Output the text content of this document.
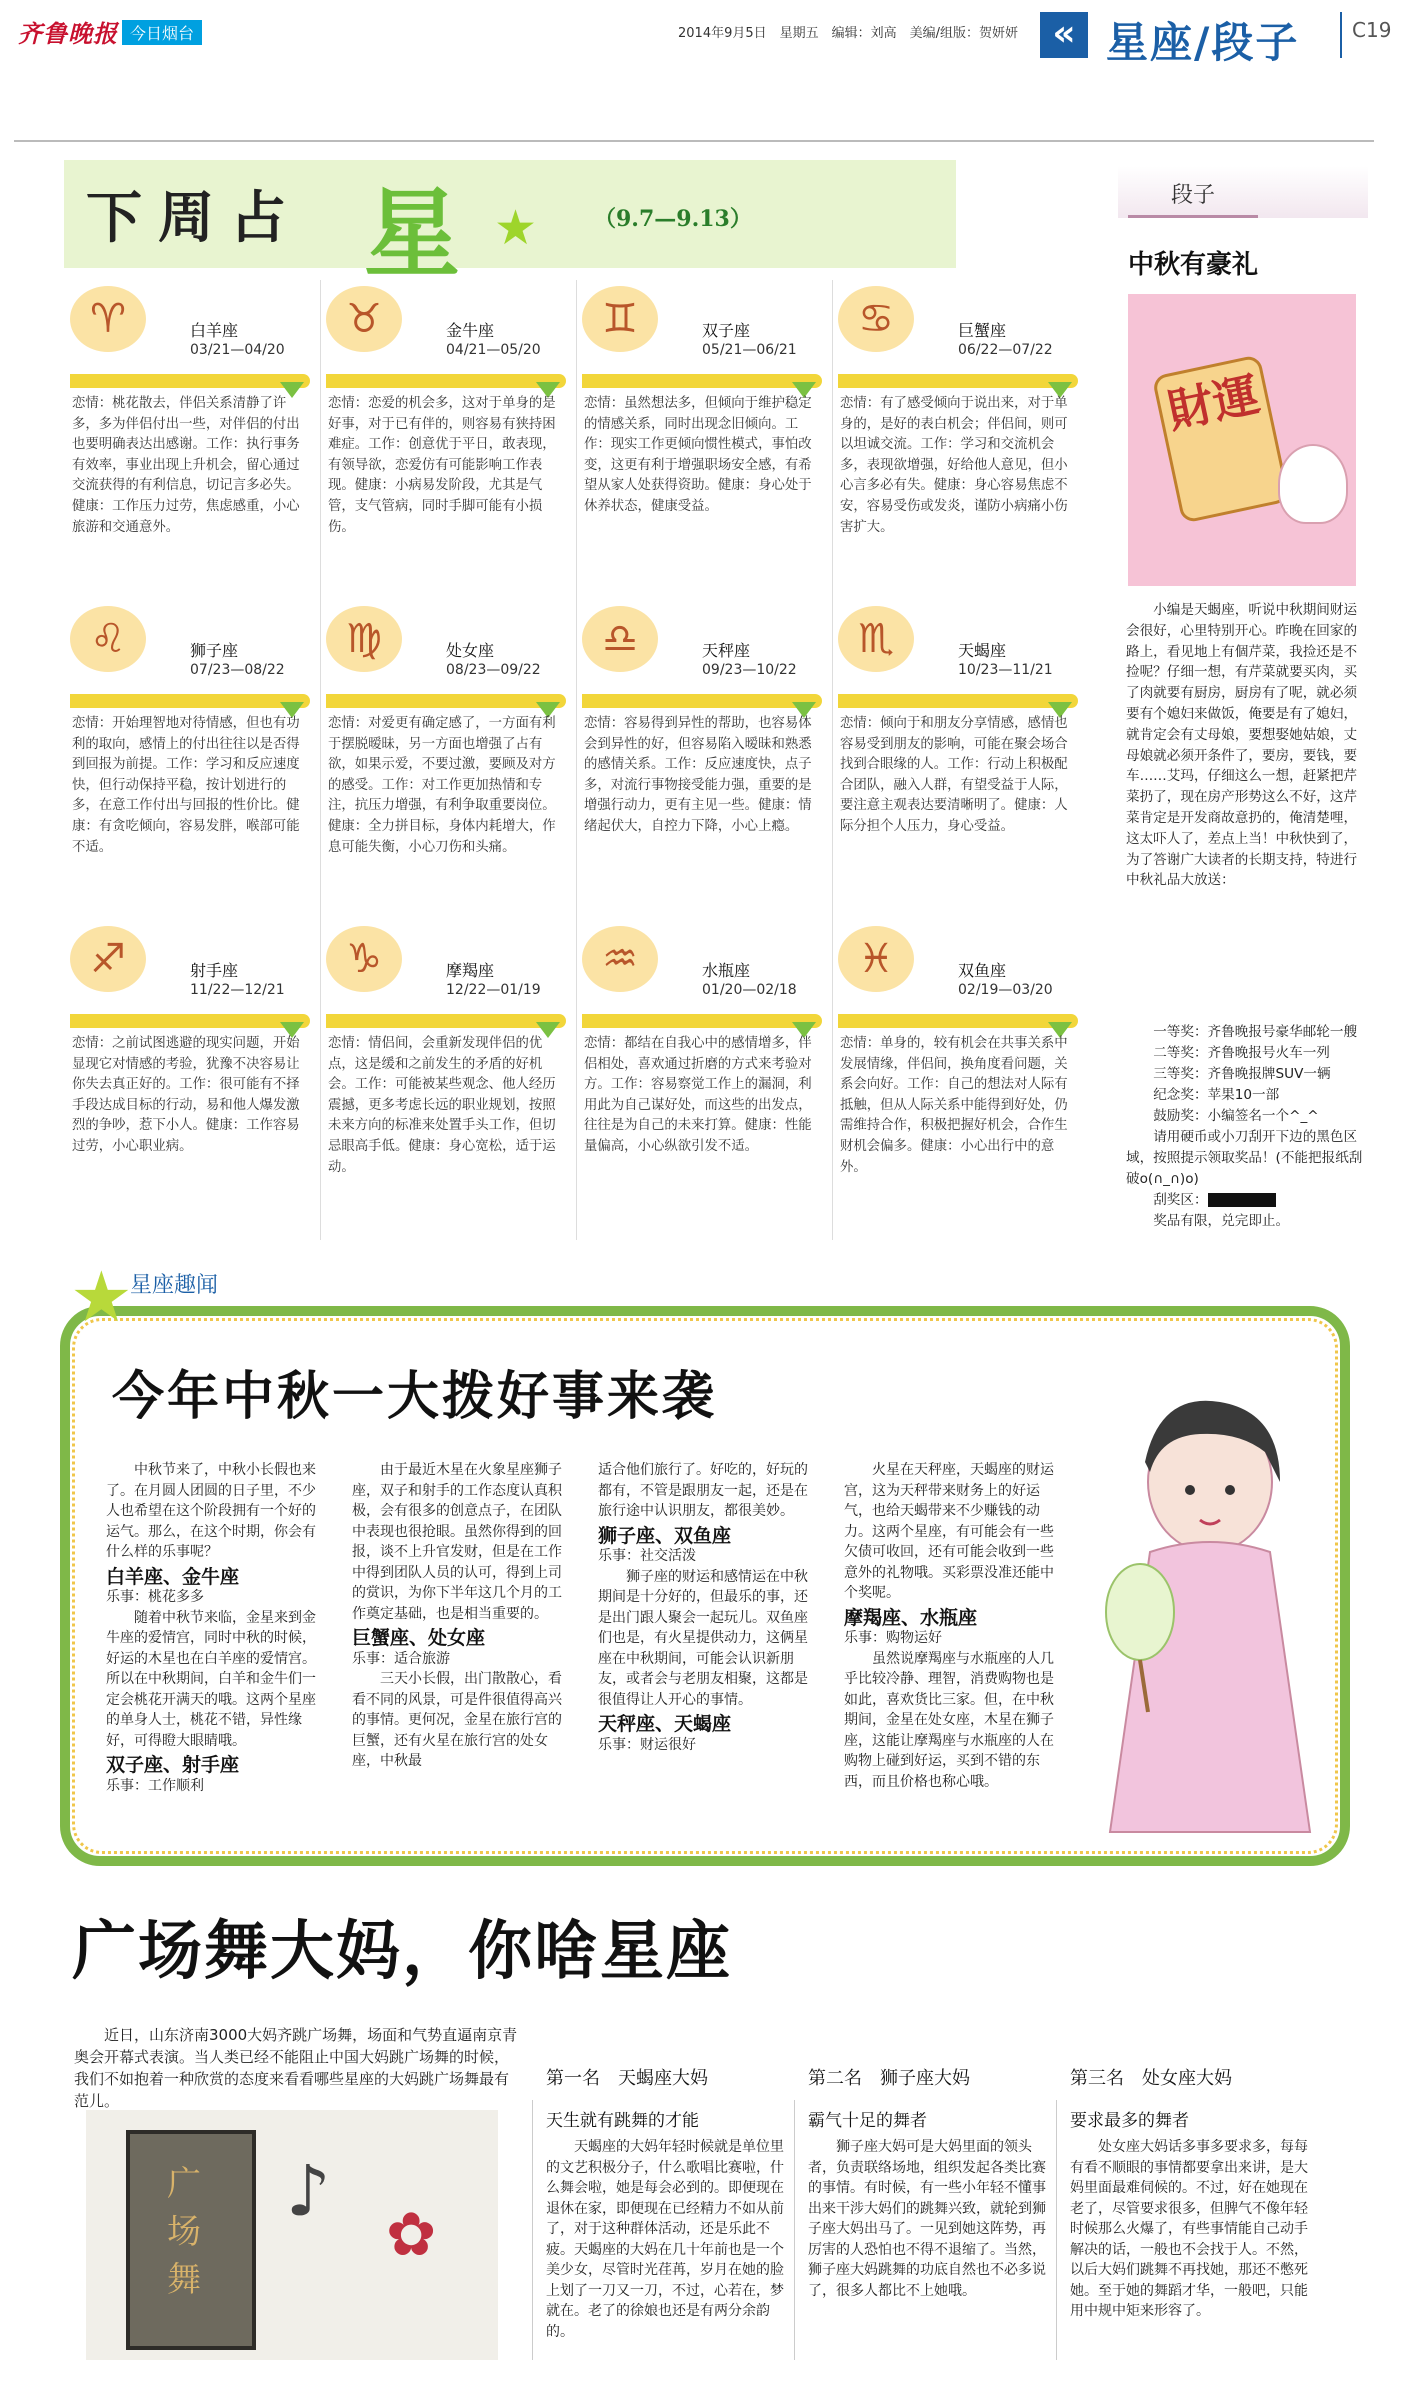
齐鲁晚报 今日烟台	2014年9月5日　星期五　编辑：刘高　美编/组版：贺妍妍 « 星座/段子	C19
下周占 星 ★	（9.7—9.13）
♈	白羊座
03/21—04/20
恋情：桃花散去，伴侣关系清静了许多，多为伴侣付出一些，对伴侣的付出也要明确表达出感谢。工作：执行事务有效率，事业出现上升机会，留心通过交流获得的有利信息，切记言多必失。健康：工作压力过劳，焦虑感重，小心旅游和交通意外。
♉	金牛座
04/21—05/20
恋情：恋爱的机会多，这对于单身的是好事，对于已有伴的，则容易有狭持困难症。工作：创意优于平日，敢表现，有领导欲，恋爱仿有可能影响工作表现。健康：小病易发阶段，尤其是气管，支气管病，同时手脚可能有小损伤。
♊	双子座
05/21—06/21
恋情：虽然想法多，但倾向于维护稳定的情感关系，同时出现念旧倾向。工作：现实工作更倾向惯性模式，事怕改变，这更有利于增强职场安全感，有希望从家人处获得资助。健康：身心处于休养状态，健康受益。
♋	巨蟹座
06/22—07/22
恋情：有了感受倾向于说出来，对于单身的，是好的表白机会；伴侣间，则可以坦诚交流。工作：学习和交流机会多，表现欲增强，好给他人意见，但小心言多必有失。健康：身心容易焦虑不安，容易受伤或发炎，谨防小病痛小伤害扩大。
♌	狮子座
07/23—08/22
恋情：开始理智地对待情感，但也有功利的取向，感情上的付出往往以是否得到回报为前提。工作：学习和反应速度快，但行动保持平稳，按计划进行的多，在意工作付出与回报的性价比。健康：有贪吃倾向，容易发胖，喉部可能不适。
♍	处女座
08/23—09/22
恋情：对爱更有确定感了，一方面有利于摆脱暧昧，另一方面也增强了占有欲，如果示爱，不要过激，要顾及对方的感受。工作：对工作更加热情和专注，抗压力增强，有利争取重要岗位。健康：全力拼目标，身体内耗增大，作息可能失衡，小心刀伤和头痛。
♎	天秤座
09/23—10/22
恋情：容易得到异性的帮助，也容易体会到异性的好，但容易陷入暧昧和熟悉的感情关系。工作：反应速度快，点子多，对流行事物接受能力强，重要的是增强行动力，更有主见一些。健康：情绪起伏大，自控力下降，小心上瘾。
♏	天蝎座
10/23—11/21
恋情：倾向于和朋友分享情感，感情也容易受到朋友的影响，可能在聚会场合找到合眼缘的人。工作：行动上积极配合团队，融入人群，有望受益于人际，要注意主观表达要清晰明了。健康：人际分担个人压力，身心受益。
♐	射手座
11/22—12/21
恋情：之前试图逃避的现实问题，开始显现它对情感的考验，犹豫不决容易让你失去真正好的。工作：很可能有不择手段达成目标的行动，易和他人爆发激烈的争吵，惹下小人。健康：工作容易过劳，小心职业病。
♑	摩羯座
12/22—01/19
恋情：情侣间，会重新发现伴侣的优点，这是缓和之前发生的矛盾的好机会。工作：可能被某些观念、他人经历震撼，更多考虑长远的职业规划，按照未来方向的标准来处置手头工作，但切忌眼高手低。健康：身心宽松，适于运动。
♒	水瓶座
01/20—02/18
恋情：都结在自我心中的感情增多，伴侣相处，喜欢通过折磨的方式来考验对方。工作：容易察觉工作上的漏洞，利用此为自己谋好处，而这些的出发点，往往是为自己的未来打算。健康：性能量偏高，小心纵欲引发不适。
♓	双鱼座
02/19—03/20
恋情：单身的，较有机会在共事关系中发展情缘，伴侣间，换角度看问题，关系会向好。工作：自己的想法对人际有抵触，但从人际关系中能得到好处，仍需维持合作，积极把握好机会，合作生财机会偏多。健康：小心出行中的意外。
段子
中秋有豪礼
財運
小编是天蝎座，听说中秋期间财运会很好，心里特别开心。昨晚在回家的路上，看见地上有個芹菜，我捡还是不捡呢？仔细一想，有芹菜就要买肉，买了肉就要有厨房，厨房有了呢，就必须要有个媳妇来做饭，俺要是有了媳妇，就肯定会有丈母娘，要想娶她姑娘，丈母娘就必须开条件了，要房，要钱，要车……艾玛，仔细这么一想，赶紧把芹菜扔了，现在房产形势这么不好，这芹菜肯定是开发商故意扔的，俺清楚哩，这太吓人了，差点上当！中秋快到了，为了答谢广大读者的长期支持，特进行中秋礼品大放送：
一等奖：齐鲁晚报号豪华邮轮一艘
二等奖：齐鲁晚报号火车一列
三等奖：齐鲁晚报牌SUV一辆
纪念奖：苹果10一部
鼓励奖：小编签名一个^_^
请用硬币或小刀刮开下边的黑色区域，按照提示领取奖品！(不能把报纸刮破o(∩_∩)o)
刮奖区：
奖品有限，兑完即止。
★
星座趣闻
今年中秋一大拨好事来袭

中秋节来了，中秋小长假也来了。在月圆人团圆的日子里，不少人也希望在这个阶段拥有一个好的运气。那么，在这个时期，你会有什么样的乐事呢？

白羊座、金牛座
乐事：桃花多多

随着中秋节来临，金星来到金牛座的爱情宫，同时中秋的时候，好运的木星也在白羊座的爱情宫。所以在中秋期间，白羊和金牛们一定会桃花开满天的哦。这两个星座的单身人士，桃花不错，异性缘好，可得瞪大眼睛哦。

双子座、射手座
乐事：工作顺利

由于最近木星在火象星座狮子座，双子和射手的工作态度认真积极，会有很多的创意点子，在团队中表现也很抢眼。虽然你得到的回报，谈不上升官发财，但是在工作中得到团队人员的认可，得到上司的赏识，为你下半年这几个月的工作奠定基础，也是相当重要的。

巨蟹座、处女座
乐事：适合旅游

三天小长假，出门散散心，看看不同的风景，可是件很值得高兴的事情。更何况，金星在旅行宫的巨蟹，还有火星在旅行宫的处女座，中秋最

适合他们旅行了。好吃的，好玩的都有，不管是跟朋友一起，还是在旅行途中认识朋友，都很美妙。

狮子座、双鱼座
乐事：社交活泼

狮子座的财运和感情运在中秋期间是十分好的，但最乐的事，还是出门跟人聚会一起玩儿。双鱼座们也是，有火星提供动力，这俩星座在中秋期间，可能会认识新朋友，或者会与老朋友相聚，这都是很值得让人开心的事情。

天秤座、天蝎座
乐事：财运很好

火星在天秤座，天蝎座的财运宫，这为天秤带来财务上的好运气，也给天蝎带来不少赚钱的动力。这两个星座，有可能会有一些欠债可收回，还有可能会收到一些意外的礼物哦。买彩票没准还能中个奖呢。

摩羯座、水瓶座
乐事：购物运好

虽然说摩羯座与水瓶座的人几乎比较冷静、理智，消费购物也是如此，喜欢货比三家。但，在中秋期间，金星在处女座，木星在狮子座，这能让摩羯座与水瓶座的人在购物上碰到好运，买到不错的东西，而且价格也称心哦。

广场舞大妈，你啥星座
近日，山东济南3000大妈齐跳广场舞，场面和气势直逼南京青奥会开幕式表演。当人类已经不能阻止中国大妈跳广场舞的时候，我们不如抱着一种欣赏的态度来看看哪些星座的大妈跳广场舞最有范儿。
广场舞
♪
✿
第一名　天蝎座大妈
天生就有跳舞的才能
天蝎座的大妈年轻时候就是单位里的文艺积极分子，什么歌唱比赛啦，什么舞会啦，她是每会必到的。即便现在退休在家，即便现在已经精力不如从前了，对于这种群体活动，还是乐此不疲。天蝎座的大妈在几十年前也是一个美少女，尽管时光荏苒，岁月在她的脸上划了一刀又一刀，不过，心若在，梦就在。老了的徐娘也还是有两分余韵的。
第二名　狮子座大妈
霸气十足的舞者
狮子座大妈可是大妈里面的领头者，负责联络场地，组织发起各类比赛的事情。有时候，有一些小年轻不懂事出来干涉大妈们的跳舞兴致，就轮到狮子座大妈出马了。一见到她这阵势，再厉害的人恐怕也不得不退缩了。当然，狮子座大妈跳舞的功底自然也不必多说了，很多人都比不上她哦。
第三名　处女座大妈
要求最多的舞者
处女座大妈话多事多要求多，每每有看不顺眼的事情都要拿出来讲，是大妈里面最难伺候的。不过，好在她现在老了，尽管要求很多，但脾气不像年轻时候那么火爆了，有些事情能自己动手解决的话，一般也不会找于人。不然，以后大妈们跳舞不再找她，那还不憋死她。至于她的舞蹈才华，一般吧，只能用中规中矩来形容了。
